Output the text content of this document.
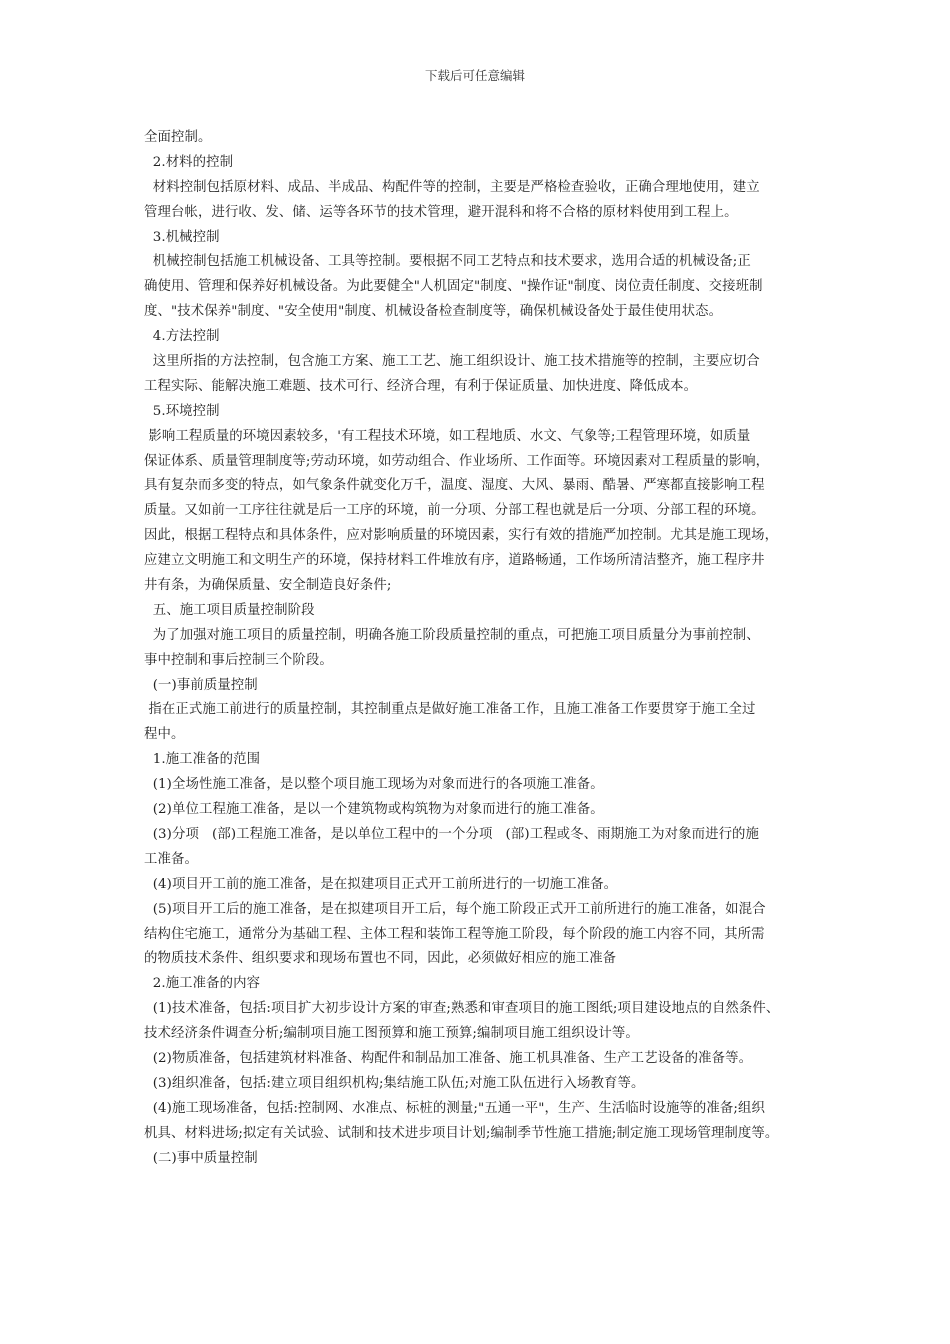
下载后可任意编辑
全面控制。
2.材料的控制
材料控制包括原材料、成品、半成品、构配件等的控制，主要是严格检查验收，正确合理地使用，建立
管理台帐，进行收、发、储、运等各环节的技术管理，避开混科和将不合格的原材料使用到工程上。
3.机械控制
机械控制包括施工机械设备、工具等控制。要根据不同工艺特点和技术要求，选用合适的机械设备;正
确使用、管理和保养好机械设备。为此要健全"人机固定"制度、"操作证"制度、岗位责任制度、交接班制
度、"技术保养"制度、"安全使用"制度、机械设备检查制度等，确保机械设备处于最佳使用状态。
4.方法控制
这里所指的方法控制，包含施工方案、施工工艺、施工组织设计、施工技术措施等的控制，主要应切合
工程实际、能解决施工难题、技术可行、经济合理，有利于保证质量、加快进度、降低成本。
5.环境控制
影响工程质量的环境因素较多，'有工程技术环境，如工程地质、水文、气象等;工程管理环境，如质量
保证体系、质量管理制度等;劳动环境，如劳动组合、作业场所、工作面等。环境因素对工程质量的影响，
具有复杂而多变的特点，如气象条件就变化万千，温度、湿度、大风、暴雨、酷暑、严寒都直接影响工程
质量。又如前一工序往往就是后一工序的环境，前一分项、分部工程也就是后一分项、分部工程的环境。
因此，根据工程特点和具体条件，应对影响质量的环境因素，实行有效的措施严加控制。尤其是施工现场，
应建立文明施工和文明生产的环境，保持材料工件堆放有序，道路畅通，工作场所清洁整齐，施工程序井
井有条，为确保质量、安全制造良好条件;
五、施工项目质量控制阶段
为了加强对施工项目的质量控制，明确各施工阶段质量控制的重点，可把施工项目质量分为事前控制、
事中控制和事后控制三个阶段。
(一)事前质量控制
指在正式施工前进行的质量控制，其控制重点是做好施工准备工作，且施工准备工作要贯穿于施工全过
程中。
1.施工准备的范围
(1)全场性施工准备，是以整个项目施工现场为对象而进行的各项施工准备。
(2)单位工程施工准备，是以一个建筑物或构筑物为对象而进行的施工准备。
(3)分项   (部)工程施工准备，是以单位工程中的一个分项   (部)工程或冬、雨期施工为对象而进行的施
工准备。
(4)项目开工前的施工准备，是在拟建项目正式开工前所进行的一切施工准备。
(5)项目开工后的施工准备，是在拟建项目开工后，每个施工阶段正式开工前所进行的施工准备，如混合
结构住宅施工，通常分为基础工程、主体工程和装饰工程等施工阶段，每个阶段的施工内容不同，其所需
的物质技术条件、组织要求和现场布置也不同，因此，必须做好相应的施工准备
2.施工准备的内容
(1)技术准备，包括:项目扩大初步设计方案的审查;熟悉和审查项目的施工图纸;项目建设地点的自然条件、
技术经济条件调查分析;编制项目施工图预算和施工预算;编制项目施工组织设计等。
(2)物质准备，包括建筑材料准备、构配件和制品加工准备、施工机具准备、生产工艺设备的准备等。
(3)组织准备，包括:建立项目组织机构;集结施工队伍;对施工队伍进行入场教育等。
(4)施工现场准备，包括:控制网、水准点、标桩的测量;"五通一平"，生产、生活临时设施等的准备;组织
机具、材料进场;拟定有关试验、试制和技术进步项目计划;编制季节性施工措施;制定施工现场管理制度等。
(二)事中质量控制
